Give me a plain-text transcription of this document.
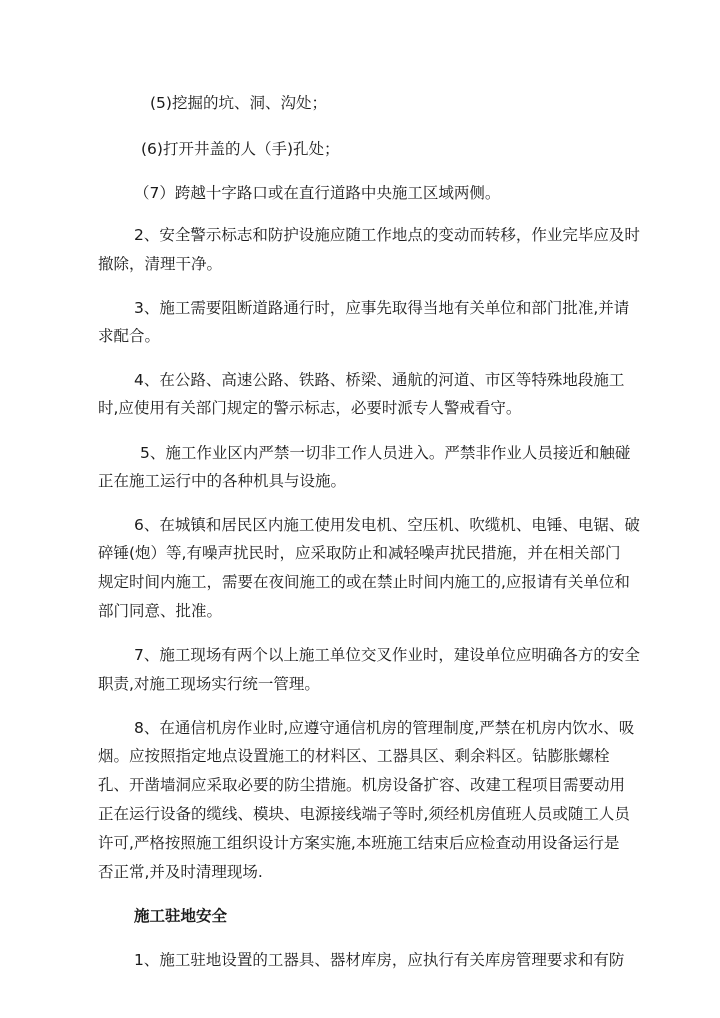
(5)挖掘的坑、洞、沟处；
(6)打开井盖的人（手)孔处；
（7）跨越十字路口或在直行道路中央施工区域两侧。
2、安全警示标志和防护设施应随工作地点的变动而转移，作业完毕应及时
撤除，清理干净。
3、施工需要阻断道路通行时，应事先取得当地有关单位和部门批准,并请
求配合。
4、在公路、高速公路、铁路、桥梁、通航的河道、市区等特殊地段施工
时,应使用有关部门规定的警示标志，必要时派专人警戒看守。
5、施工作业区内严禁一切非工作人员进入。严禁非作业人员接近和触碰
正在施工运行中的各种机具与设施。
6、在城镇和居民区内施工使用发电机、空压机、吹缆机、电锤、电锯、破
碎锤(炮）等,有噪声扰民时，应采取防止和减轻噪声扰民措施，并在相关部门
规定时间内施工，需要在夜间施工的或在禁止时间内施工的,应报请有关单位和
部门同意、批准。
7、施工现场有两个以上施工单位交叉作业时，建设单位应明确各方的安全
职责,对施工现场实行统一管理。
8、在通信机房作业时,应遵守通信机房的管理制度,严禁在机房内饮水、吸
烟。应按照指定地点设置施工的材料区、工器具区、剩余料区。钻膨胀螺栓
孔、开凿墙洞应采取必要的防尘措施。机房设备扩容、改建工程项目需要动用
正在运行设备的缆线、模块、电源接线端子等时,须经机房值班人员或随工人员
许可,严格按照施工组织设计方案实施,本班施工结束后应检查动用设备运行是
否正常,并及时清理现场.
施工驻地安全
1、施工驻地设置的工器具、器材库房，应执行有关库房管理要求和有防
